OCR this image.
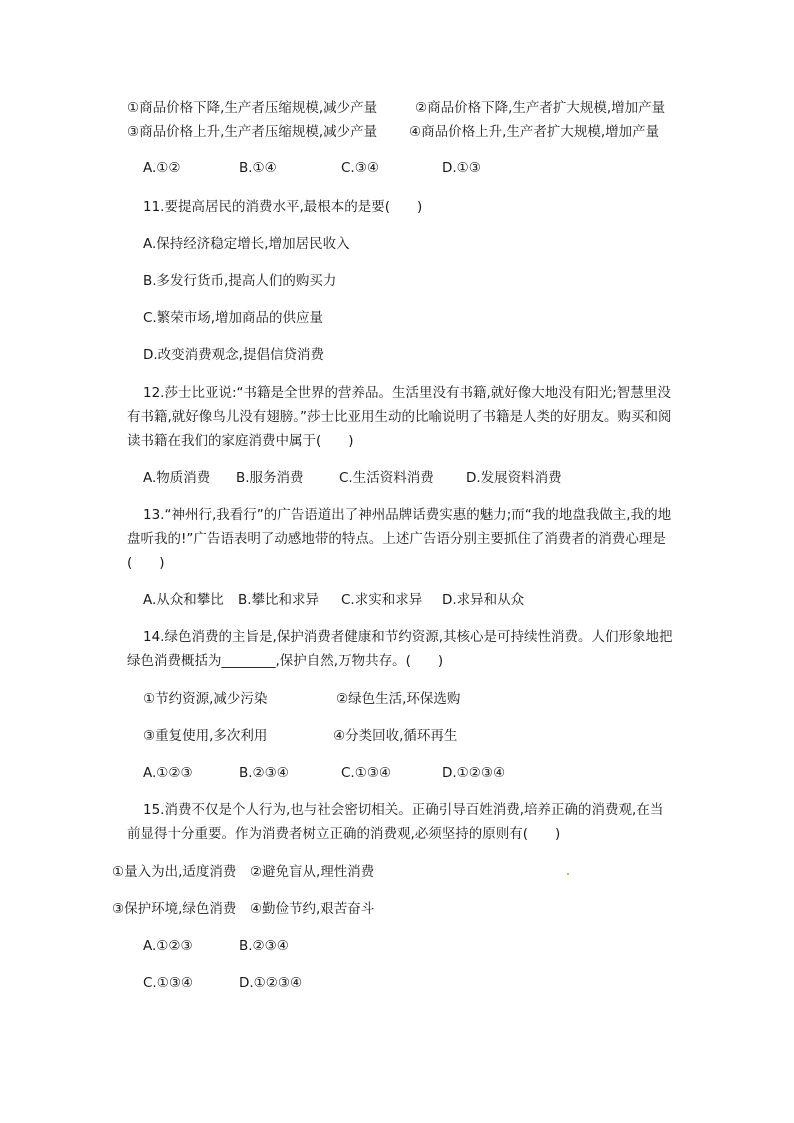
①商品价格下降,生产者压缩规模,减少产量

	②商品价格下降,生产者扩大规模,增加产量

③商品价格上升,生产者压缩规模,减少产量

④商品价格上升,生产者扩大规模,增加产量

A.①②

	B.①④

	C.③④

	D.①③

11.要提高居民的消费水平,最根本的是要(　　)
A.保持经济稳定增长,增加居民收入
B.多发行货币,提高人们的购买力
C.繁荣市场,增加商品的供应量
D.改变消费观念,提倡信贷消费
12.莎士比亚说:“书籍是全世界的营养品。生活里没有书籍,就好像大地没有阳光;智慧里没
有书籍,就好像鸟儿没有翅膀。”莎士比亚用生动的比喻说明了书籍是人类的好朋友。购买和阅
读书籍在我们的家庭消费中属于(　　)

A.物质消费

B.服务消费

	C.生活资料消费

D.发展资料消费

13.“神州行,我看行”的广告语道出了神州品牌话费实惠的魅力;而“我的地盘我做主,我的地
盘听我的!”广告语表明了动感地带的特点。上述广告语分别主要抓住了消费者的消费心理是
(　　)

A.从众和攀比

B.攀比和求异

C.求实和求异

D.求异和从众

14.绿色消费的主旨是,保护消费者健康和节约资源,其核心是可持续性消费。人们形象地把
绿色消费概括为________,保护自然,万物共存。(　　)

①节约资源,减少污染

	②绿色生活,环保选购

③重复使用,多次利用

	④分类回收,循环再生

A.①②③

	B.②③④

	C.①③④

	D.①②③④

15.消费不仅是个人行为,也与社会密切相关。正确引导百姓消费,培养正确的消费观,在当
前显得十分重要。作为消费者树立正确的消费观,必须坚持的原则有(　　)
①量入为出,适度消费　②避免盲从,理性消费
③保护环境,绿色消费　④勤俭节约,艰苦奋斗

A.①②③

	B.②③④

C.①③④

	D.①②③④
